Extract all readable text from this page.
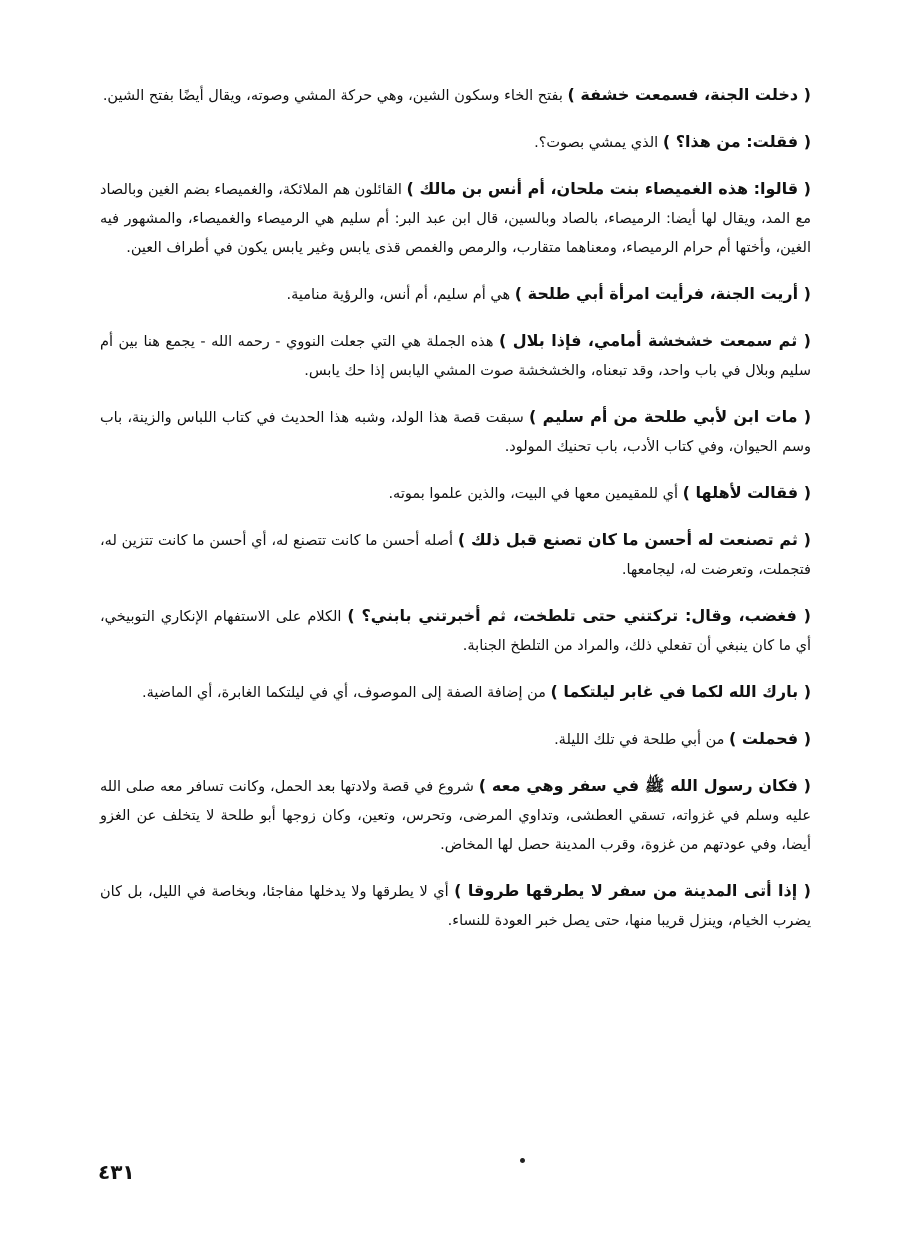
( دخلت الجنة، فسمعت خشفة ) بفتح الخاء وسكون الشين، وهي حركة المشي وصوته، ويقال أيضًا بفتح الشين.

( فقلت: من هذا؟ ) الذي يمشي بصوت؟.

( قالوا: هذه الغميصاء بنت ملحان، أم أنس بن مالك ) القائلون هم الملائكة، والغميصاء بضم الغين وبالصاد مع المد، ويقال لها أيضا: الرميصاء، بالصاد وبالسين، قال ابن عبد البر: أم سليم هي الرميصاء والغميصاء، والمشهور فيه الغين، وأختها أم حرام الرميصاء، ومعناهما متقارب، والرمص والغمص قذى يابس وغير يابس يكون في أطراف العين.

( أريت الجنة، فرأيت امرأة أبي طلحة ) هي أم سليم، أم أنس، والرؤية منامية.

( ثم سمعت خشخشة أمامي، فإذا بلال ) هذه الجملة هي التي جعلت النووي - رحمه الله - يجمع هنا بين أم سليم وبلال في باب واحد، وقد تبعناه، والخشخشة صوت المشي اليابس إذا حك يابس.

( مات ابن لأبي طلحة من أم سليم ) سبقت قصة هذا الولد، وشبه هذا الحديث في كتاب اللباس والزينة، باب وسم الحيوان، وفي كتاب الأدب، باب تحنيك المولود.

( فقالت لأهلها ) أي للمقيمين معها في البيت، والذين علموا بموته.

( ثم تصنعت له أحسن ما كان تصنع قبل ذلك ) أصله أحسن ما كانت تتصنع له، أي أحسن ما كانت تتزين له، فتجملت، وتعرضت له، ليجامعها.

( فغضب، وقال: تركتني حتى تلطخت، ثم أخبرتني بابني؟ ) الكلام على الاستفهام الإنكاري التوبيخي، أي ما كان ينبغي أن تفعلي ذلك، والمراد من التلطخ الجنابة.

( بارك الله لكما في غابر ليلتكما ) من إضافة الصفة إلى الموصوف، أي في ليلتكما الغابرة، أي الماضية.

( فحملت ) من أبي طلحة في تلك الليلة.

( فكان رسول الله ﷺ في سفر وهي معه ) شروع في قصة ولادتها بعد الحمل، وكانت تسافر معه صلى الله عليه وسلم في غزواته، تسقي العطشى، وتداوي المرضى، وتحرس، وتعين، وكان زوجها أبو طلحة لا يتخلف عن الغزو أيضا، وفي عودتهم من غزوة، وقرب المدينة حصل لها المخاض.

( إذا أتى المدينة من سفر لا يطرقها طروقا ) أي لا يطرقها ولا يدخلها مفاجئا، وبخاصة في الليل، بل كان يضرب الخيام، وينزل قريبا منها، حتى يصل خبر العودة للنساء.

٤٣١
